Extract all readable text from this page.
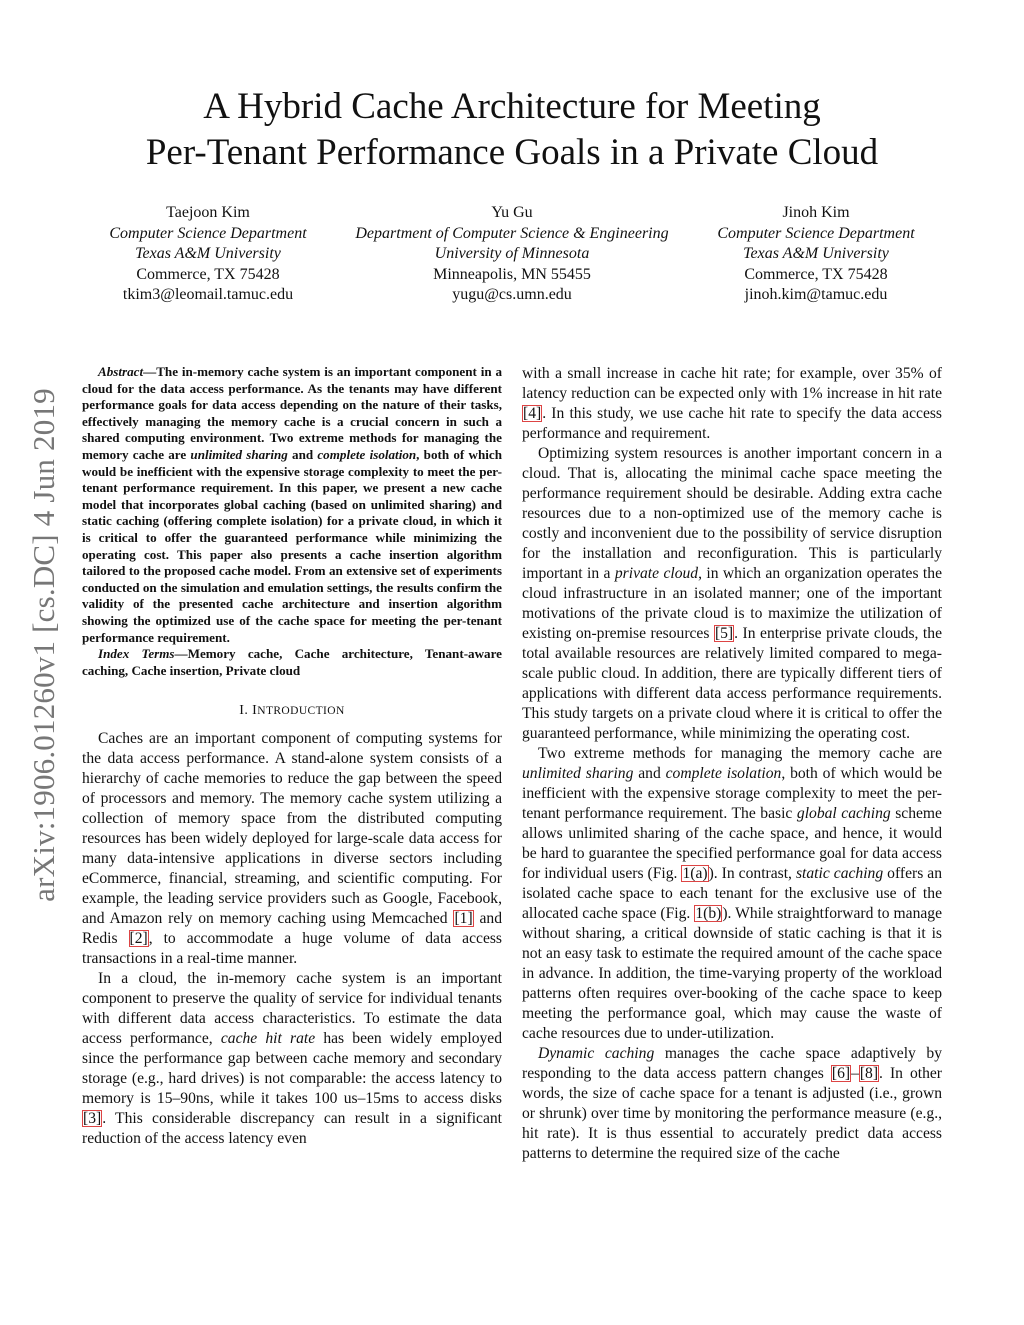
A Hybrid Cache Architecture for Meeting
Per-Tenant Performance Goals in a Private Cloud
Taejoon Kim
Computer Science Department
Texas A&M University
Commerce, TX 75428
tkim3@leomail.tamuc.edu
Yu Gu
Department of Computer Science & Engineering
University of Minnesota
Minneapolis, MN 55455
yugu@cs.umn.edu
Jinoh Kim
Computer Science Department
Texas A&M University
Commerce, TX 75428
jinoh.kim@tamuc.edu
arXiv:1906.01260v1 [cs.DC] 4 Jun 2019

Abstract—The in-memory cache system is an important component in a cloud for the data access performance. As the tenants may have different performance goals for data access depending on the nature of their tasks, effectively managing the memory cache is a crucial concern in such a shared computing environment. Two extreme methods for managing the memory cache are unlimited sharing and complete isolation, both of which would be inefficient with the expensive storage complexity to meet the per-tenant performance requirement. In this paper, we present a new cache model that incorporates global caching (based on unlimited sharing) and static caching (offering complete isolation) for a private cloud, in which it is critical to offer the guaranteed performance while minimizing the operating cost. This paper also presents a cache insertion algorithm tailored to the proposed cache model. From an extensive set of experiments conducted on the simulation and emulation settings, the results confirm the validity of the presented cache architecture and insertion algorithm showing the optimized use of the cache space for meeting the per-tenant performance requirement.

Index Terms—Memory cache, Cache architecture, Tenant-aware caching, Cache insertion, Private cloud

I. INTRODUCTION

Caches are an important component of computing systems for the data access performance. A stand-alone system consists of a hierarchy of cache memories to reduce the gap between the speed of processors and memory. The memory cache system utilizing a collection of memory space from the distributed computing resources has been widely deployed for large-scale data access for many data-intensive applications in diverse sectors including eCommerce, financial, streaming, and scientific computing. For example, the leading service providers such as Google, Facebook, and Amazon rely on memory caching using Memcached [1] and Redis [2], to accommodate a huge volume of data access transactions in a real-time manner.

In a cloud, the in-memory cache system is an important component to preserve the quality of service for individual tenants with different data access characteristics. To estimate the data access performance, cache hit rate has been widely employed since the performance gap between cache memory and secondary storage (e.g., hard drives) is not comparable: the access latency to memory is 15–90ns, while it takes 100 us–15ms to access disks [3]. This considerable discrepancy can result in a significant reduction of the access latency even

with a small increase in cache hit rate; for example, over 35% of latency reduction can be expected only with 1% increase in hit rate [4]. In this study, we use cache hit rate to specify the data access performance and requirement.

Optimizing system resources is another important concern in a cloud. That is, allocating the minimal cache space meeting the performance requirement should be desirable. Adding extra cache resources due to a non-optimized use of the memory cache is costly and inconvenient due to the possibility of service disruption for the installation and reconfiguration. This is particularly important in a private cloud, in which an organization operates the cloud infrastructure in an isolated manner; one of the important motivations of the private cloud is to maximize the utilization of existing on-premise resources [5]. In enterprise private clouds, the total available resources are relatively limited compared to mega-scale public cloud. In addition, there are typically different tiers of applications with different data access performance requirements. This study targets on a private cloud where it is critical to offer the guaranteed performance, while minimizing the operating cost.

Two extreme methods for managing the memory cache are unlimited sharing and complete isolation, both of which would be inefficient with the expensive storage complexity to meet the per-tenant performance requirement. The basic global caching scheme allows unlimited sharing of the cache space, and hence, it would be hard to guarantee the specified performance goal for data access for individual users (Fig. 1(a)). In contrast, static caching offers an isolated cache space to each tenant for the exclusive use of the allocated cache space (Fig. 1(b)). While straightforward to manage without sharing, a critical downside of static caching is that it is not an easy task to estimate the required amount of the cache space in advance. In addition, the time-varying property of the workload patterns often requires over-booking of the cache space to keep meeting the performance goal, which may cause the waste of cache resources due to under-utilization.

Dynamic caching manages the cache space adaptively by responding to the data access pattern changes [6]–[8]. In other words, the size of cache space for a tenant is adjusted (i.e., grown or shrunk) over time by monitoring the performance measure (e.g., hit rate). It is thus essential to accurately predict data access patterns to determine the required size of the cache
